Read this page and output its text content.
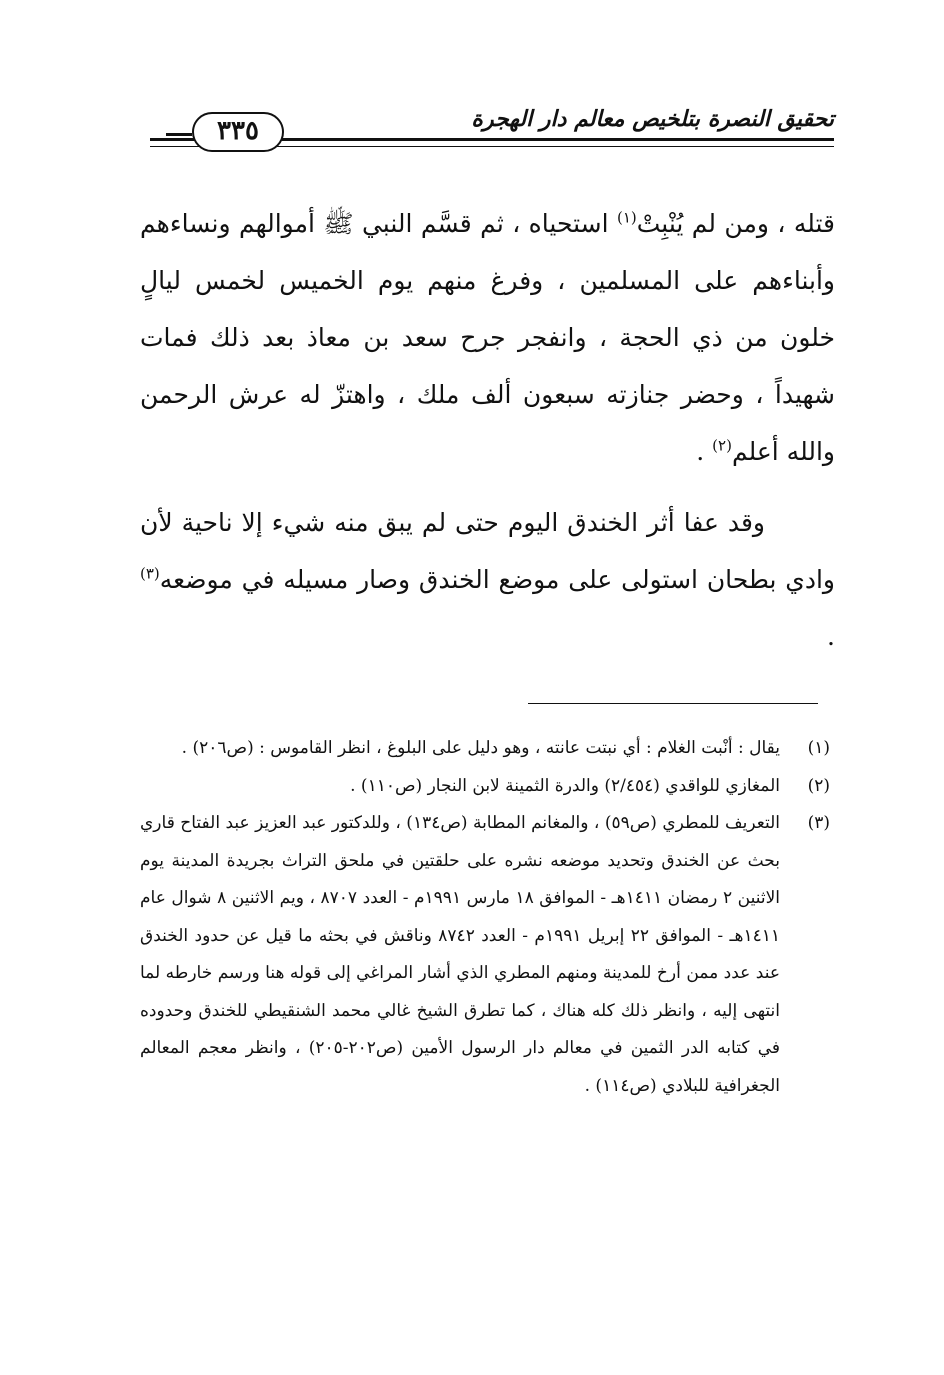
تحقيق النصرة بتلخيص معالم دار الهجرة
٣٣٥

قتله ، ومن لم يُنْبِتْ$^{(١)}$ استحياه ، ثم قسَّم النبي ﷺ أموالهم ونساءهم وأبناءهم على المسلمين ، وفرغ منهم يوم الخميس لخمس ليالٍ خلون من ذي الحجة ، وانفجر جرح سعد بن معاذ بعد ذلك فمات شهيداً ، وحضر جنازته سبعون ألف ملك ، واهتزّ له عرش الرحمن والله أعلم$^{(٢)}$ .

وقد عفا أثر الخندق اليوم حتى لم يبق منه شيء إلا ناحية لأن وادي بطحان استولى على موضع الخندق وصار مسيله في موضعه$^{(٣)}$ .

(١)
يقال : أنْبت الغلام : أي نبتت عانته ، وهو دليل على البلوغ ، انظر القاموس : (ص٢٠٦) .
(٢)
المغازي للواقدي (٢/٤٥٤) والدرة الثمينة لابن النجار (ص١١٠) .
(٣)
التعريف للمطري (ص٥٩) ، والمغانم المطابة (ص١٣٤) ، وللدكتور عبد العزيز عبد الفتاح قاري بحث عن الخندق وتحديد موضعه نشره على حلقتين في ملحق التراث بجريدة المدينة يوم الاثنين ٢ رمضان ١٤١١هـ - الموافق ١٨ مارس ١٩٩١م - العدد ٨٧٠٧ ، ويم الاثنين ٨ شوال عام ١٤١١هـ - الموافق ٢٢ إبريل ١٩٩١م - العدد ٨٧٤٢ وناقش في بحثه ما قيل عن حدود الخندق عند عدد ممن أرخ للمدينة ومنهم المطري الذي أشار المراغي إلى قوله هنا ورسم خارطه لما انتهى إليه ، وانظر ذلك كله هناك ، كما تطرق الشيخ غالي محمد الشنقيطي للخندق وحدوده في كتابه الدر الثمين في معالم دار الرسول الأمين (ص٢٠٢-٢٠٥) ، وانظر معجم المعالم الجغرافية للبلادي (ص١١٤) .
